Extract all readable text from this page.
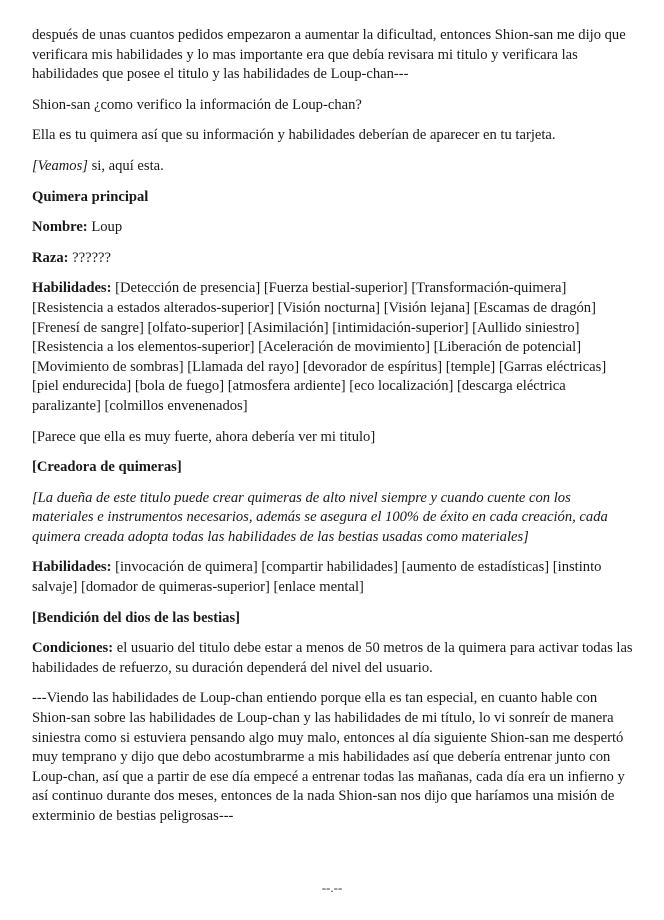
después de unas cuantos pedidos empezaron a aumentar la dificultad, entonces Shion-san me dijo que verificara mis habilidades y lo mas importante era que debía revisara mi titulo y verificara las habilidades que posee el titulo y las habilidades de Loup-chan---

Shion-san ¿como verifico la información de Loup-chan?

Ella es tu quimera así que su información y habilidades deberían de aparecer en tu tarjeta.

[Veamos] si, aquí esta.

Quimera principal

Nombre: Loup

Raza: ??????

Habilidades: [Detección de presencia] [Fuerza bestial-superior] [Transformación-quimera] [Resistencia a estados alterados-superior] [Visión nocturna] [Visión lejana] [Escamas de dragón] [Frenesí de sangre] [olfato-superior] [Asimilación] [intimidación-superior] [Aullido siniestro] [Resistencia a los elementos-superior] [Aceleración de movimiento] [Liberación de potencial] [Movimiento de sombras] [Llamada del rayo] [devorador de espíritus] [temple] [Garras eléctricas] [piel endurecida] [bola de fuego] [atmosfera ardiente] [eco localización] [descarga eléctrica paralizante] [colmillos envenenados]

[Parece que ella es muy fuerte, ahora debería ver mi titulo]

[Creadora de quimeras]

[La dueña de este titulo puede crear quimeras de alto nivel siempre y cuando cuente con los materiales e instrumentos necesarios, además se asegura el 100% de éxito en cada creación, cada quimera creada adopta todas las habilidades de las bestias usadas como materiales]

Habilidades: [invocación de quimera] [compartir habilidades] [aumento de estadísticas] [instinto salvaje] [domador de quimeras-superior] [enlace mental]

[Bendición del dios de las bestias]

Condiciones: el usuario del titulo debe estar a menos de 50 metros de la quimera para activar todas las habilidades de refuerzo, su duración dependerá del nivel del usuario.

---Viendo las habilidades de Loup-chan entiendo porque ella es tan especial, en cuanto hable con Shion-san sobre las habilidades de Loup-chan y las habilidades de mi título, lo vi sonreír de manera siniestra como si estuviera pensando algo muy malo, entonces al día siguiente Shion-san me despertó muy temprano y dijo que debo acostumbrarme a mis habilidades así que debería entrenar junto con Loup-chan, así que a partir de ese día empecé a entrenar todas las mañanas, cada día era un infierno y así continuo durante dos meses, entonces de la nada Shion-san nos dijo que haríamos una misión de exterminio de bestias peligrosas---

--.--
